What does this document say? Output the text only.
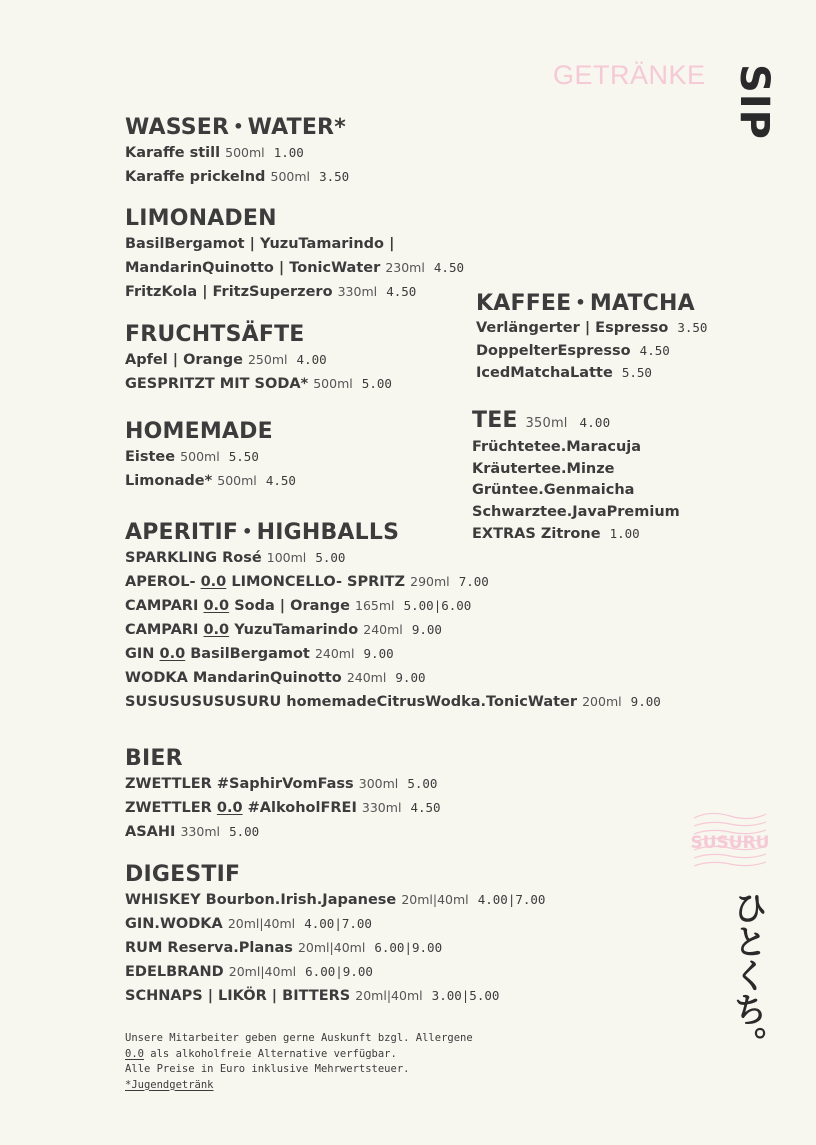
GETRÄNKE SIP
WASSER • WATER*
Karaffe still 500ml 1.00
Karaffe prickelnd 500ml 3.50
LIMONADEN
BasilBergamot | YuzuTamarindo |
MandarinQuinotto | TonicWater 230ml 4.50
FritzKola | FritzSuperzero 330ml 4.50
FRUCHTSÄFTE
Apfel | Orange 250ml 4.00
GESPRITZT MIT SODA* 500ml 5.00
HOMEMADE
Eistee 500ml 5.50
Limonade* 500ml 4.50
KAFFEE • MATCHA
Verlängerter | Espresso 3.50
DoppelterEspresso 4.50
IcedMatchaLatte 5.50
TEE 350ml 4.00
Früchtetee.Maracuja
Kräutertee.Minze
Grüntee.Genmaicha
Schwarztee.JavaPremium
EXTRAS Zitrone 1.00
APERITIF • HIGHBALLS
SPARKLING Rosé 100ml 5.00
APEROL- 0.0 LIMONCELLO- SPRITZ 290ml 7.00
CAMPARI 0.0 Soda | Orange 165ml 5.00|6.00
CAMPARI 0.0 YuzuTamarindo 240ml 9.00
GIN 0.0 BasilBergamot 240ml 9.00
WODKA MandarinQuinotto 240ml 9.00
SUSUSUSUSUSURU homemadeCitrusWodka.TonicWater 200ml 9.00
BIER
ZWETTLER #SaphirVomFass 300ml 5.00
ZWETTLER 0.0 #AlkoholFREI 330ml 4.50
ASAHI 330ml 5.00
DIGESTIF
WHISKEY Bourbon.Irish.Japanese 20ml|40ml 4.00|7.00
GIN.WODKA 20ml|40ml 4.00|7.00
RUM Reserva.Planas 20ml|40ml 6.00|9.00
EDELBRAND 20ml|40ml 6.00|9.00
SCHNAPS | LIKÖR | BITTERS 20ml|40ml 3.00|5.00
SUSURU
ひとくち。
Unsere Mitarbeiter geben gerne Auskunft bzgl. Allergene
0.0 als alkoholfreie Alternative verfügbar.
Alle Preise in Euro inklusive Mehrwertsteuer.
*Jugendgetränk
